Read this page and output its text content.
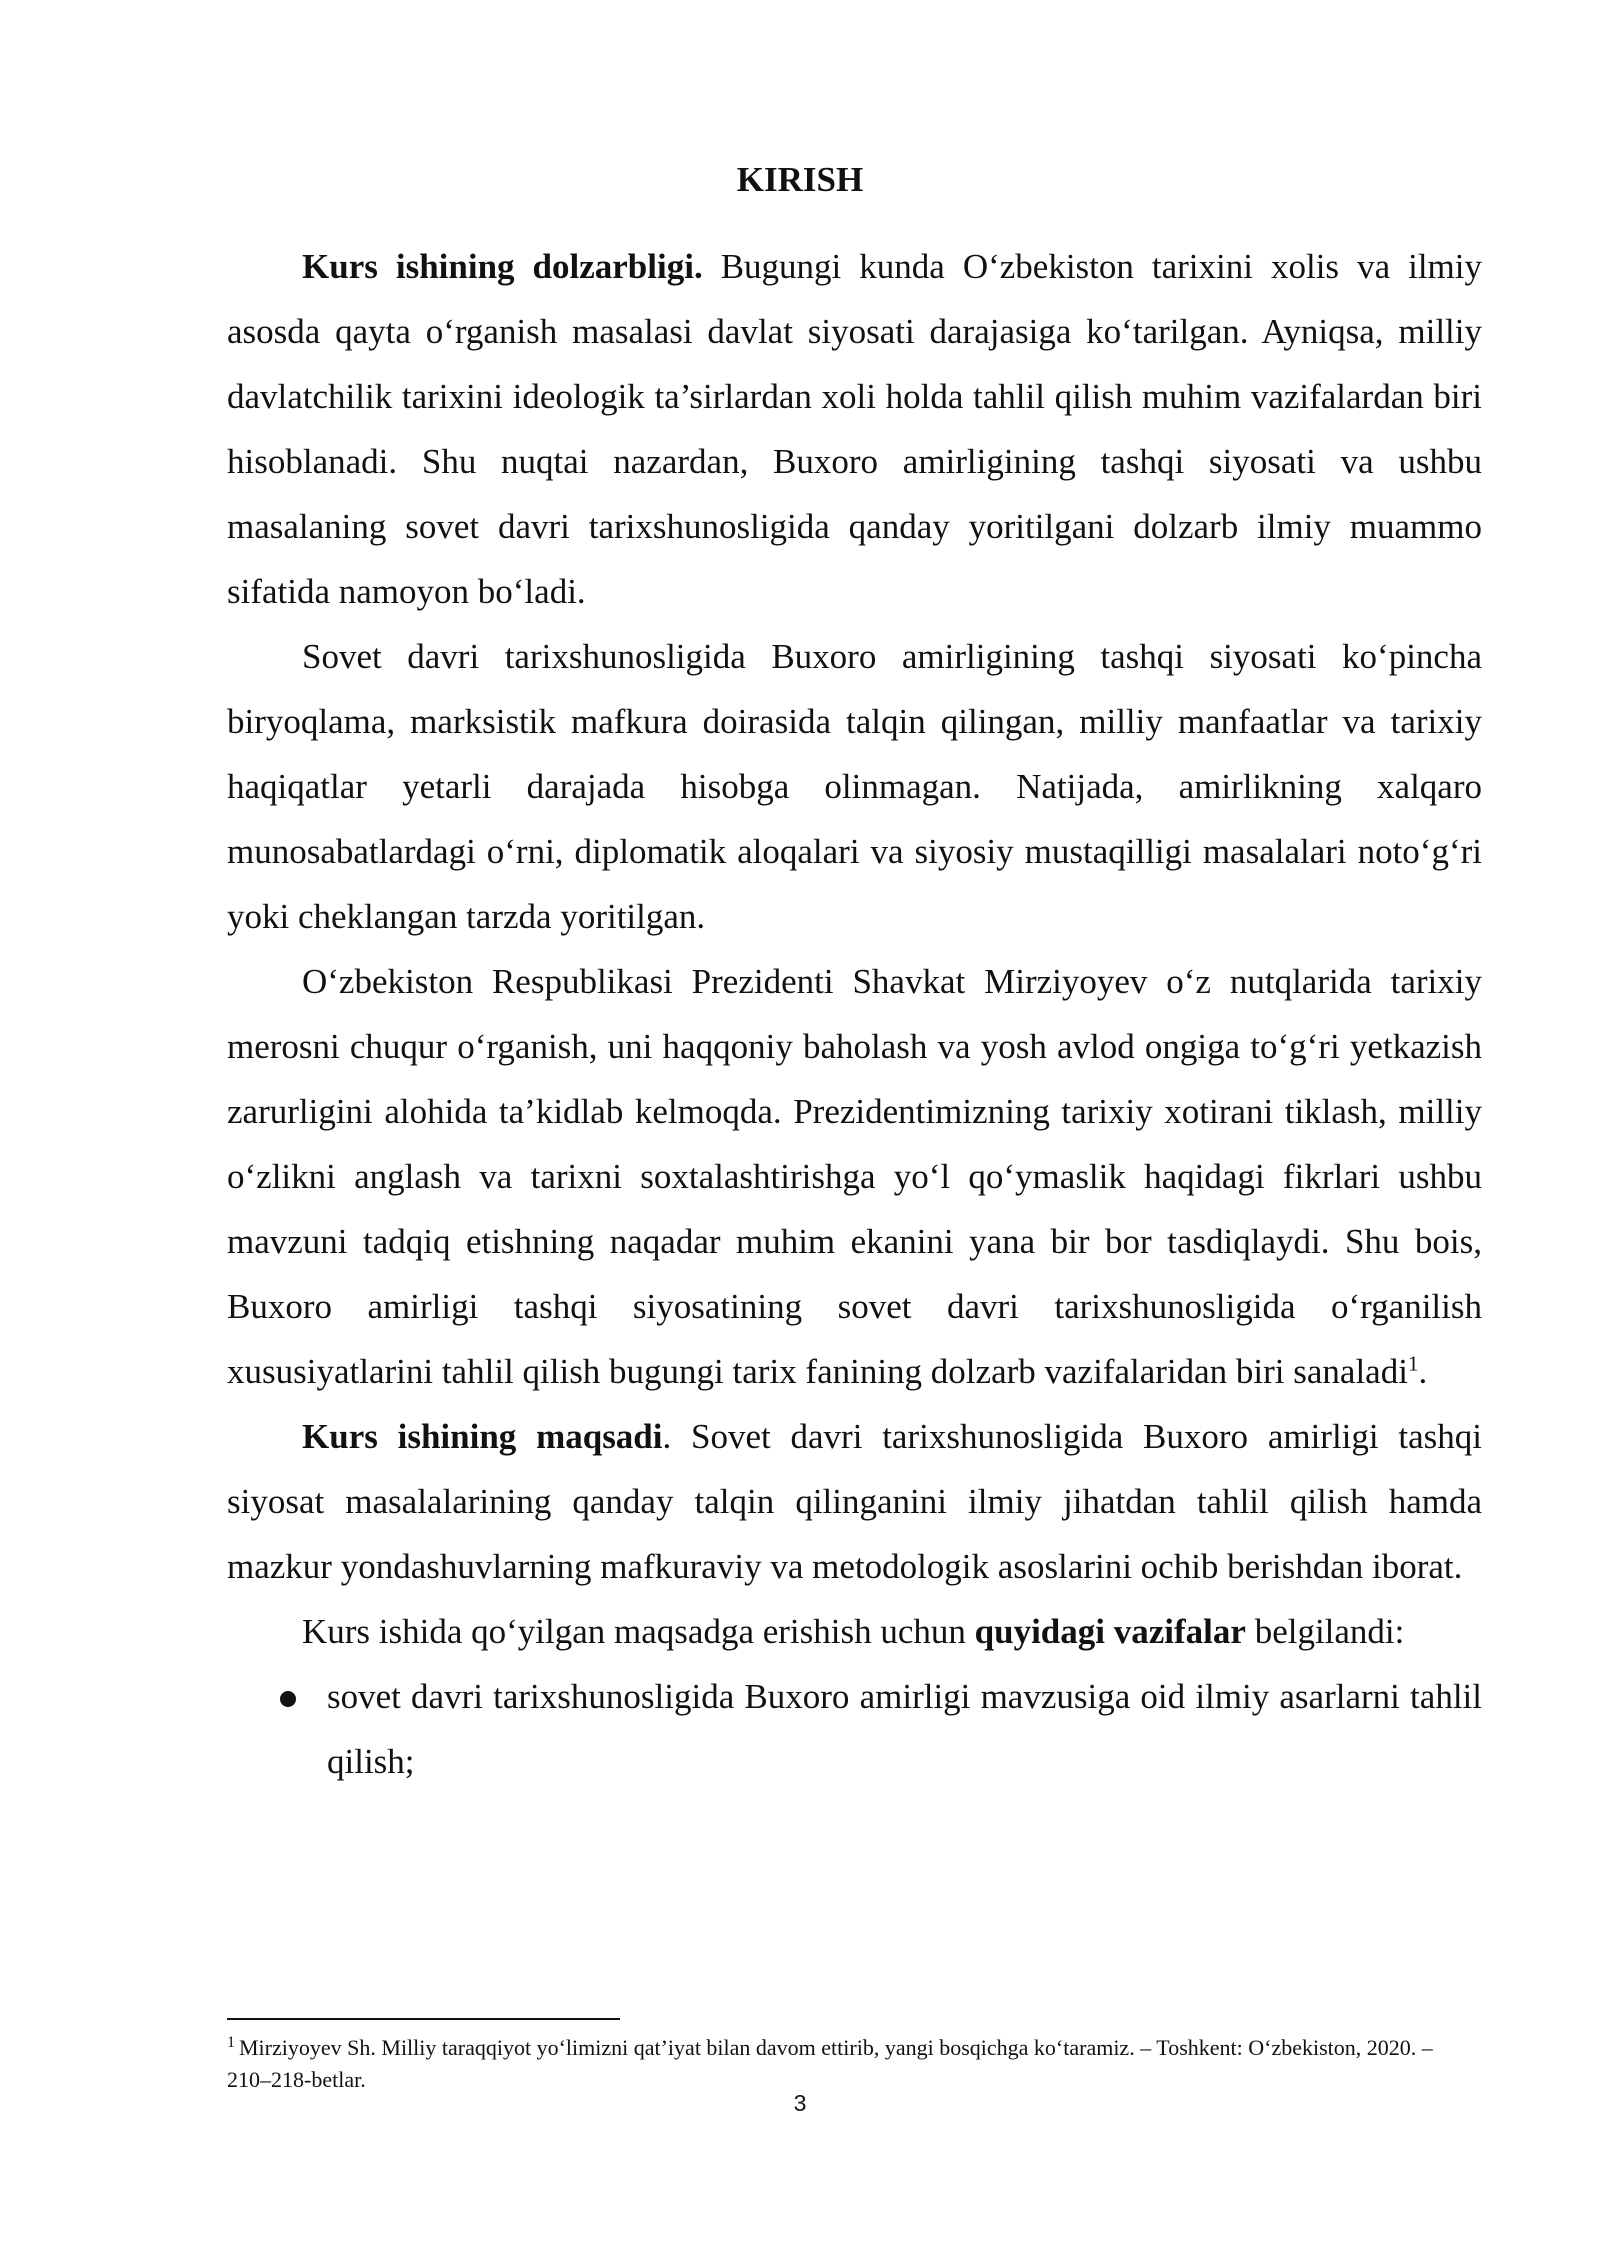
KIRISH

Kurs ishining dolzarbligi. Bugungi kunda O‘zbekiston tarixini xolis va ilmiy asosda qayta o‘rganish masalasi davlat siyosati darajasiga ko‘tarilgan. Ayniqsa, milliy davlatchilik tarixini ideologik ta’sirlardan xoli holda tahlil qilish muhim vazifalardan biri hisoblanadi. Shu nuqtai nazardan, Buxoro amirligining tashqi siyosati va ushbu masalaning sovet davri tarixshunosligida qanday yoritilgani dolzarb ilmiy muammo sifatida namoyon bo‘ladi.

Sovet davri tarixshunosligida Buxoro amirligining tashqi siyosati ko‘pincha biryoqlama, marksistik mafkura doirasida talqin qilingan, milliy manfaatlar va tarixiy haqiqatlar yetarli darajada hisobga olinmagan. Natijada, amirlikning xalqaro munosabatlardagi o‘rni, diplomatik aloqalari va siyosiy mustaqilligi masalalari noto‘g‘ri yoki cheklangan tarzda yoritilgan.

O‘zbekiston Respublikasi Prezidenti Shavkat Mirziyoyev o‘z nutqlarida tarixiy merosni chuqur o‘rganish, uni haqqoniy baholash va yosh avlod ongiga to‘g‘ri yetkazish zarurligini alohida ta’kidlab kelmoqda. Prezidentimizning tarixiy xotirani tiklash, milliy o‘zlikni anglash va tarixni soxtalashtirishga yo‘l qo‘ymaslik haqidagi fikrlari ushbu mavzuni tadqiq etishning naqadar muhim ekanini yana bir bor tasdiqlaydi. Shu bois, Buxoro amirligi tashqi siyosatining sovet davri tarixshunosligida o‘rganilish xususiyatlarini tahlil qilish bugungi tarix fanining dolzarb vazifalaridan biri sanaladi$^1$.

Kurs ishining maqsadi. Sovet davri tarixshunosligida Buxoro amirligi tashqi siyosat masalalarining qanday talqin qilinganini ilmiy jihatdan tahlil qilish hamda mazkur yondashuvlarning mafkuraviy va metodologik asoslarini ochib berishdan iborat.

Kurs ishida qo‘yilgan maqsadga erishish uchun quyidagi vazifalar belgilandi:

sovet davri tarixshunosligida Buxoro amirligi mavzusiga oid ilmiy asarlarni tahlil qilish;

$^1$ Mirziyoyev Sh. Milliy taraqqiyot yo‘limizni qat’iyat bilan davom ettirib, yangi bosqichga ko‘taramiz. – Toshkent: O‘zbekiston, 2020. – 210–218-betlar.

3
